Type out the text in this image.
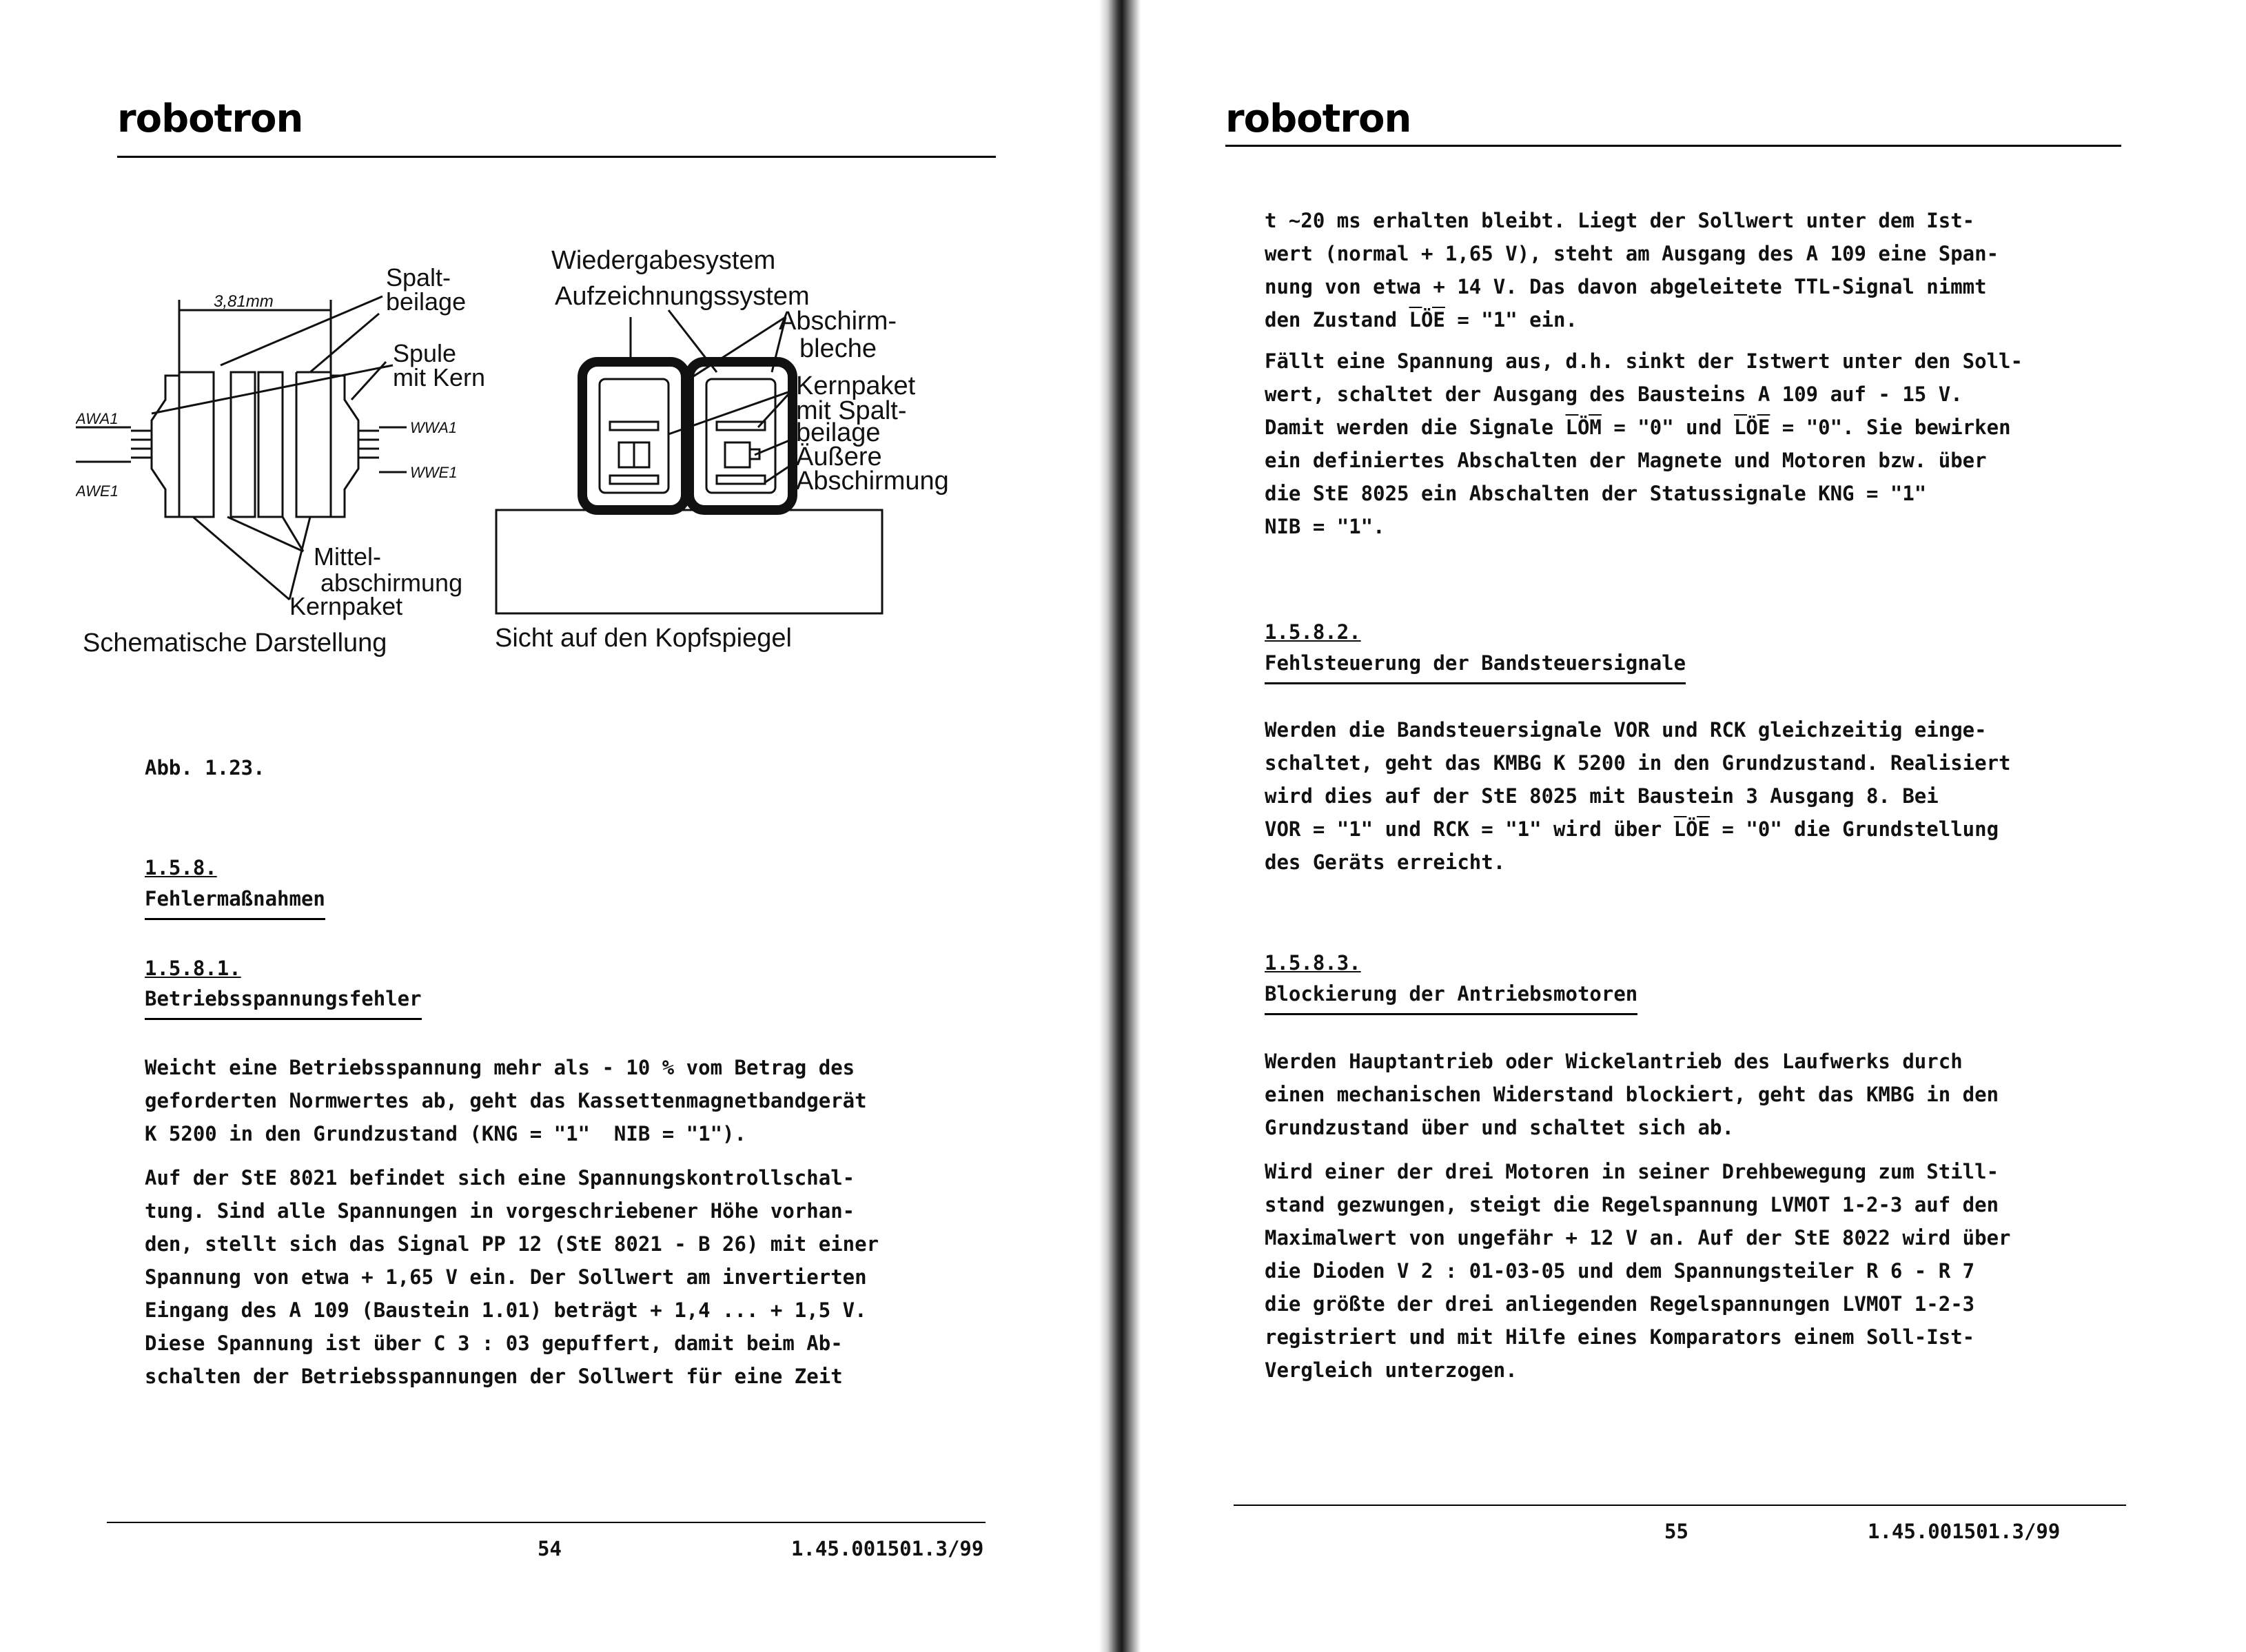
robotron
3,81mm
Spalt-
beilage
Spule
mit Kern
AWA1
AWE1
WWA1
WWE1
Mittel-
abschirmung
Kernpaket
Schematische Darstellung
Wiedergabesystem
Aufzeichnungssystem
Abschirm-
bleche
Kernpaket
mit Spalt-
beilage
Äußere
Abschirmung
Sicht auf den Kopfspiegel
Abb. 1.23.
1.5.8.
Fehlermaßnahmen
1.5.8.1.
Betriebsspannungsfehler
Weicht eine Betriebsspannung mehr als - 10 % vom Betrag des
geforderten Normwertes ab, geht das Kassettenmagnetbandgerät
K 5200 in den Grundzustand (KNG = "1"  NIB = "1").
Auf der StE 8021 befindet sich eine Spannungskontrollschal-
tung. Sind alle Spannungen in vorgeschriebener Höhe vorhan-
den, stellt sich das Signal PP 12 (StE 8021 - B 26) mit einer
Spannung von etwa + 1,65 V ein. Der Sollwert am invertierten
Eingang des A 109 (Baustein 1.01) beträgt + 1,4 ... + 1,5 V.
Diese Spannung ist über C 3 : 03 gepuffert, damit beim Ab-
schalten der Betriebsspannungen der Sollwert für eine Zeit
54	1.45.001501.3/99
robotron
t ∼20 ms erhalten bleibt. Liegt der Sollwert unter dem Ist-
wert (normal + 1,65 V), steht am Ausgang des A 109 eine Span-
nung von etwa + 14 V. Das davon abgeleitete TTL-Signal nimmt
den Zustand $\overline{LÖE}$ = "1" ein.
Fällt eine Spannung aus, d.h. sinkt der Istwert unter den Soll-
wert, schaltet der Ausgang des Bausteins A 109 auf - 15 V.
Damit werden die Signale $\overline{LÖM}$ = "0" und $\overline{LÖE}$ = "0". Sie bewirken
ein definiertes Abschalten der Magnete und Motoren bzw. über
die StE 8025 ein Abschalten der Statussignale KNG = "1"
NIB = "1".
1.5.8.2.
Fehlsteuerung der Bandsteuersignale
Werden die Bandsteuersignale VOR und RCK gleichzeitig einge-
schaltet, geht das KMBG K 5200 in den Grundzustand. Realisiert
wird dies auf der StE 8025 mit Baustein 3 Ausgang 8. Bei
VOR = "1" und RCK = "1" wird über $\overline{LÖE}$ = "0" die Grundstellung
des Geräts erreicht.
1.5.8.3.
Blockierung der Antriebsmotoren
Werden Hauptantrieb oder Wickelantrieb des Laufwerks durch
einen mechanischen Widerstand blockiert, geht das KMBG in den
Grundzustand über und schaltet sich ab.
Wird einer der drei Motoren in seiner Drehbewegung zum Still-
stand gezwungen, steigt die Regelspannung LVMOT 1-2-3 auf den
Maximalwert von ungefähr + 12 V an. Auf der StE 8022 wird über
die Dioden V 2 : 01-03-05 und dem Spannungsteiler R 6 - R 7
die größte der drei anliegenden Regelspannungen LVMOT 1-2-3
registriert und mit Hilfe eines Komparators einem Soll-Ist-
Vergleich unterzogen.
55	1.45.001501.3/99
